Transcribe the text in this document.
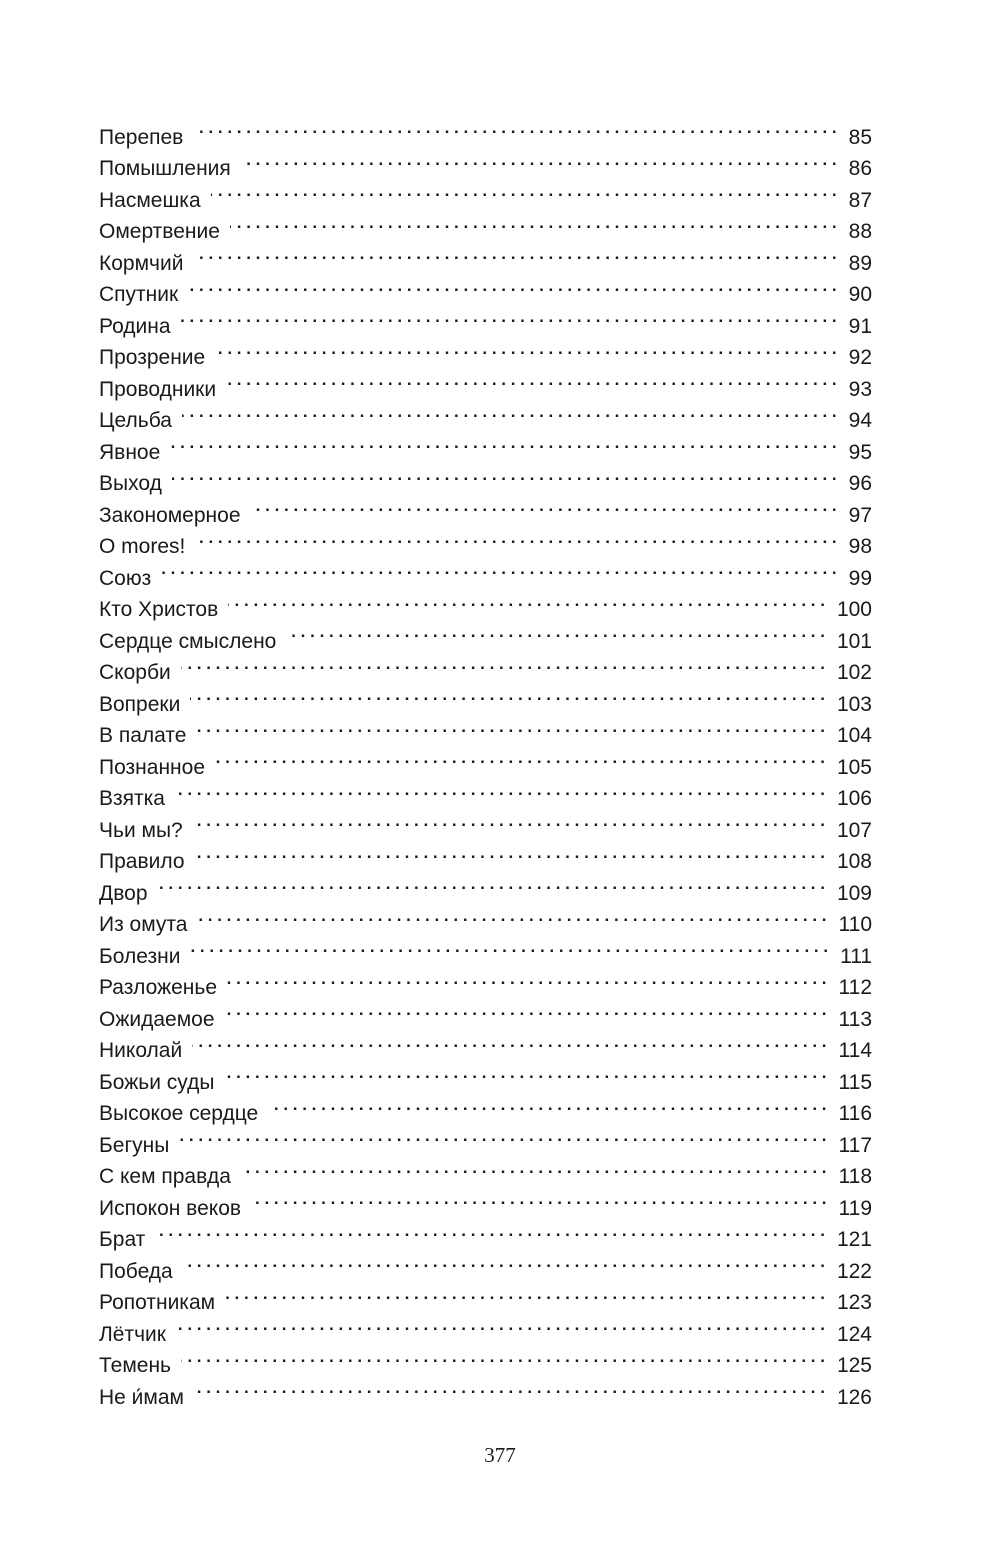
Перепев . . .	85
Помышления . . .	86
Насмешка . . .	87
Омертвение . . .	88
Кормчий . . .	89
Спутник . . .	90
Родина . . .	91
Прозрение . . .	92
Проводники . . .	93
Цельба . . .	94
Явное . . .	95
Выход . . .	96
Закономерное . . .	97
O mores! . . .	98
Союз . . .	99
Кто Христов . . .	100
Сердце смыслено . . .	101
Скорби . . .	102
Вопреки . . .	103
В палате . . .	104
Познанное . . .	105
Взятка . . .	106
Чьи мы? . . .	107
Правило . . .	108
Двор . . .	109
Из омута . . .	110
Болезни . . .	111
Разложенье . . .	112
Ожидаемое . . .	113
Николай . . .	114
Божьи суды . . .	115
Высокое сердце . . .	116
Бегуны . . .	117
С кем правда . . .	118
Испокон веков . . .	119
Брат . . .	121
Победа . . .	122
Ропотникам . . .	123
Лётчик . . .	124
Темень . . .	125
Не и́мам . . .	126
377
